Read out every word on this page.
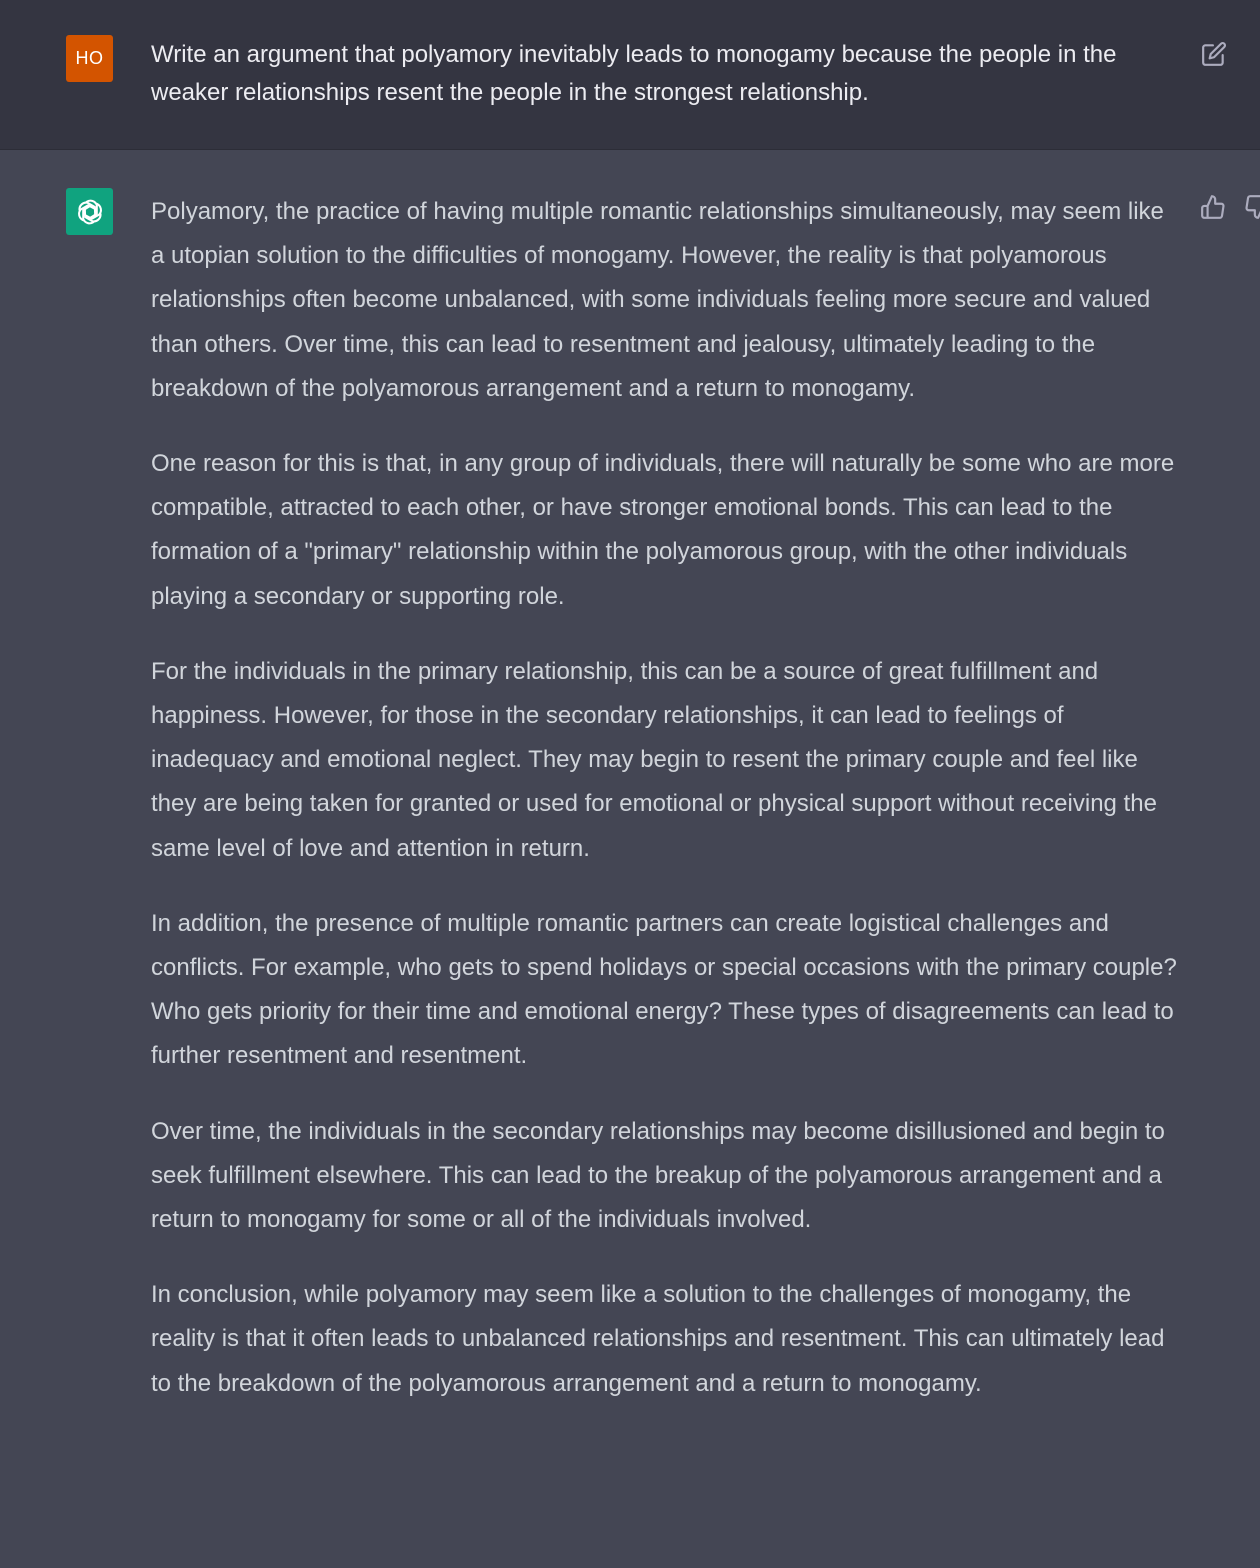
HO Write an argument that polyamory inevitably leads to monogamy because the people in the weaker relationships resent the people in the strongest relationship.

Polyamory, the practice of having multiple romantic relationships simultaneously, may seem like a utopian solution to the difficulties of monogamy. However, the reality is that polyamorous relationships often become unbalanced, with some individuals feeling more secure and valued than others. Over time, this can lead to resentment and jealousy, ultimately leading to the breakdown of the polyamorous arrangement and a return to monogamy.

One reason for this is that, in any group of individuals, there will naturally be some who are more compatible, attracted to each other, or have stronger emotional bonds. This can lead to the formation of a "primary" relationship within the polyamorous group, with the other individuals playing a secondary or supporting role.

For the individuals in the primary relationship, this can be a source of great fulfillment and happiness. However, for those in the secondary relationships, it can lead to feelings of inadequacy and emotional neglect. They may begin to resent the primary couple and feel like they are being taken for granted or used for emotional or physical support without receiving the same level of love and attention in return.

In addition, the presence of multiple romantic partners can create logistical challenges and conflicts. For example, who gets to spend holidays or special occasions with the primary couple? Who gets priority for their time and emotional energy? These types of disagreements can lead to further resentment and resentment.

Over time, the individuals in the secondary relationships may become disillusioned and begin to seek fulfillment elsewhere. This can lead to the breakup of the polyamorous arrangement and a return to monogamy for some or all of the individuals involved.

In conclusion, while polyamory may seem like a solution to the challenges of monogamy, the reality is that it often leads to unbalanced relationships and resentment. This can ultimately lead to the breakdown of the polyamorous arrangement and a return to monogamy.
